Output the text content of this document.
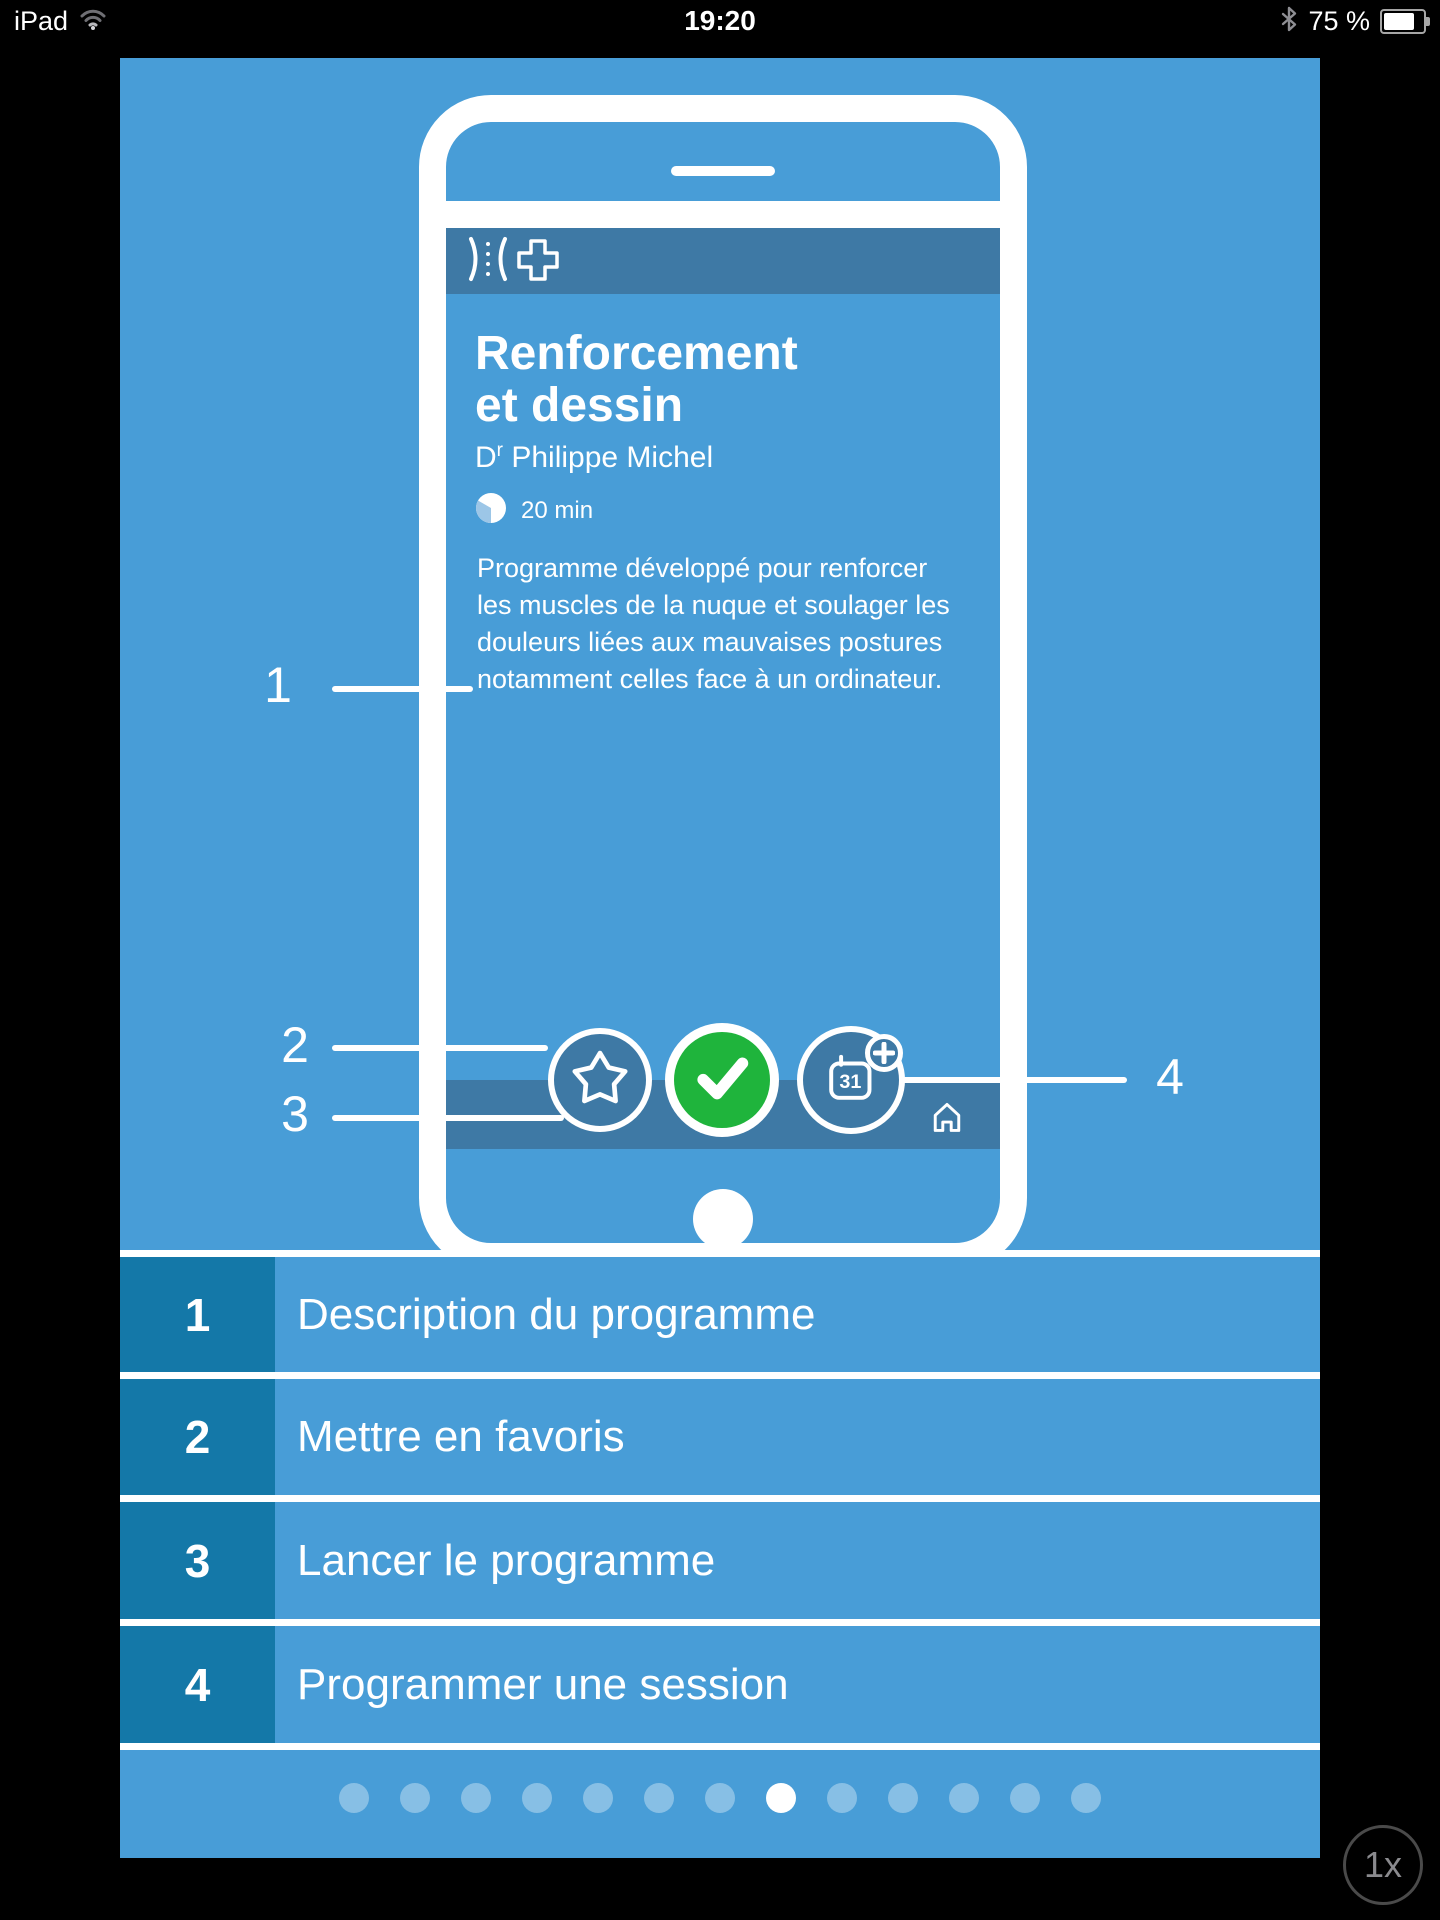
iPad	19:20	75 %
Renforcement
et dessin
$D^r$ Philippe Michel
20 min
Programme développé pour renforcer
les muscles de la nuque et soulager les
douleurs liées aux mauvaises postures
notamment celles face à un ordinateur.
1
2
3
4
31
1	Description du programme
2	Mettre en favoris
3	Lancer le programme
4	Programmer une session
1x
